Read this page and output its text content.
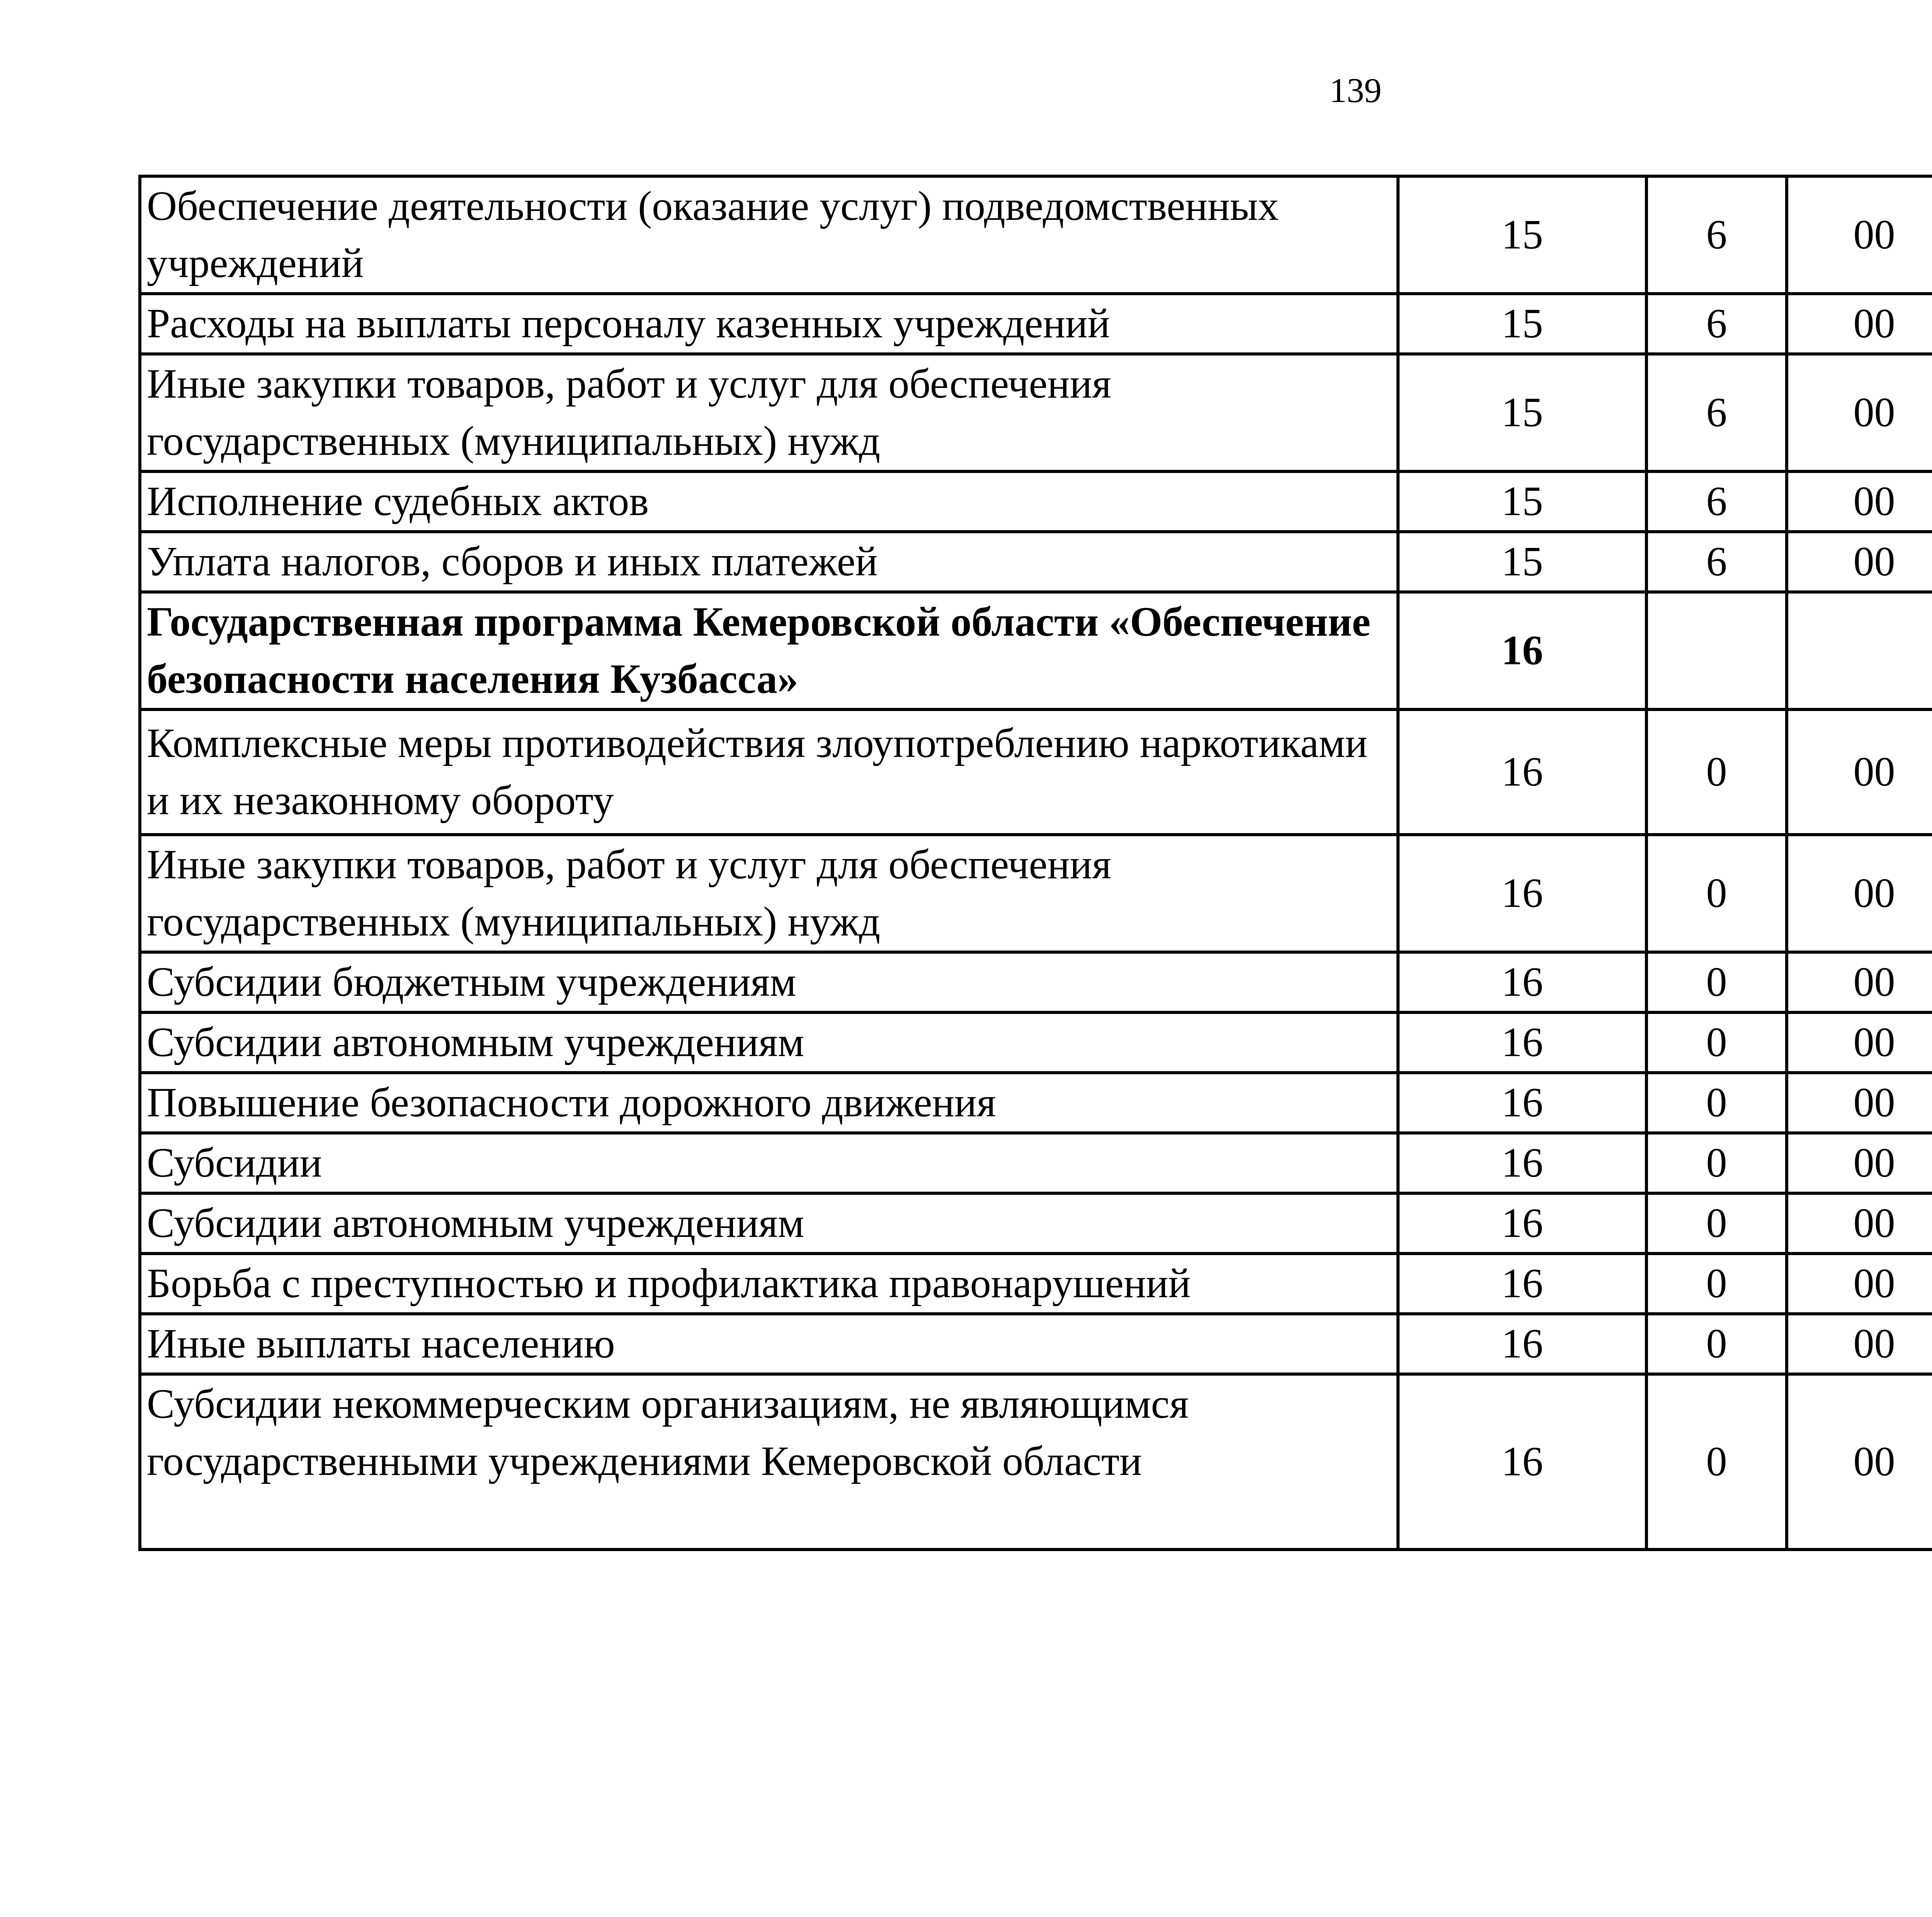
139
Обеспечение деятельности (оказание услуг) подведомственных учреждений	15	6	00			
Расходы на выплаты персоналу казенных учреждений	15	6	00			
Иные закупки товаров, работ и услуг для обеспечения государственных (муниципальных) нужд	15	6	00			
Исполнение судебных актов	15	6	00			
Уплата налогов, сборов и иных платежей	15	6	00			
Государственная программа Кемеровской области «Обеспечение безопасности населения Кузбасса»	16					
Комплексные меры противодействия злоупотреблению наркотиками и их незаконному обороту	16	0	00			
Иные закупки товаров, работ и услуг для обеспечения государственных (муниципальных) нужд	16	0	00			
Субсидии бюджетным учреждениям	16	0	00			
Субсидии автономным учреждениям	16	0	00			
Повышение безопасности дорожного движения	16	0	00			
Субсидии	16	0	00			
Субсидии автономным учреждениям	16	0	00			
Борьба с преступностью и профилактика правонарушений	16	0	00			
Иные выплаты населению	16	0	00			
Субсидии некоммерческим организациям, не являющимся государственными учреждениями Кемеровской области	16	0	00			
